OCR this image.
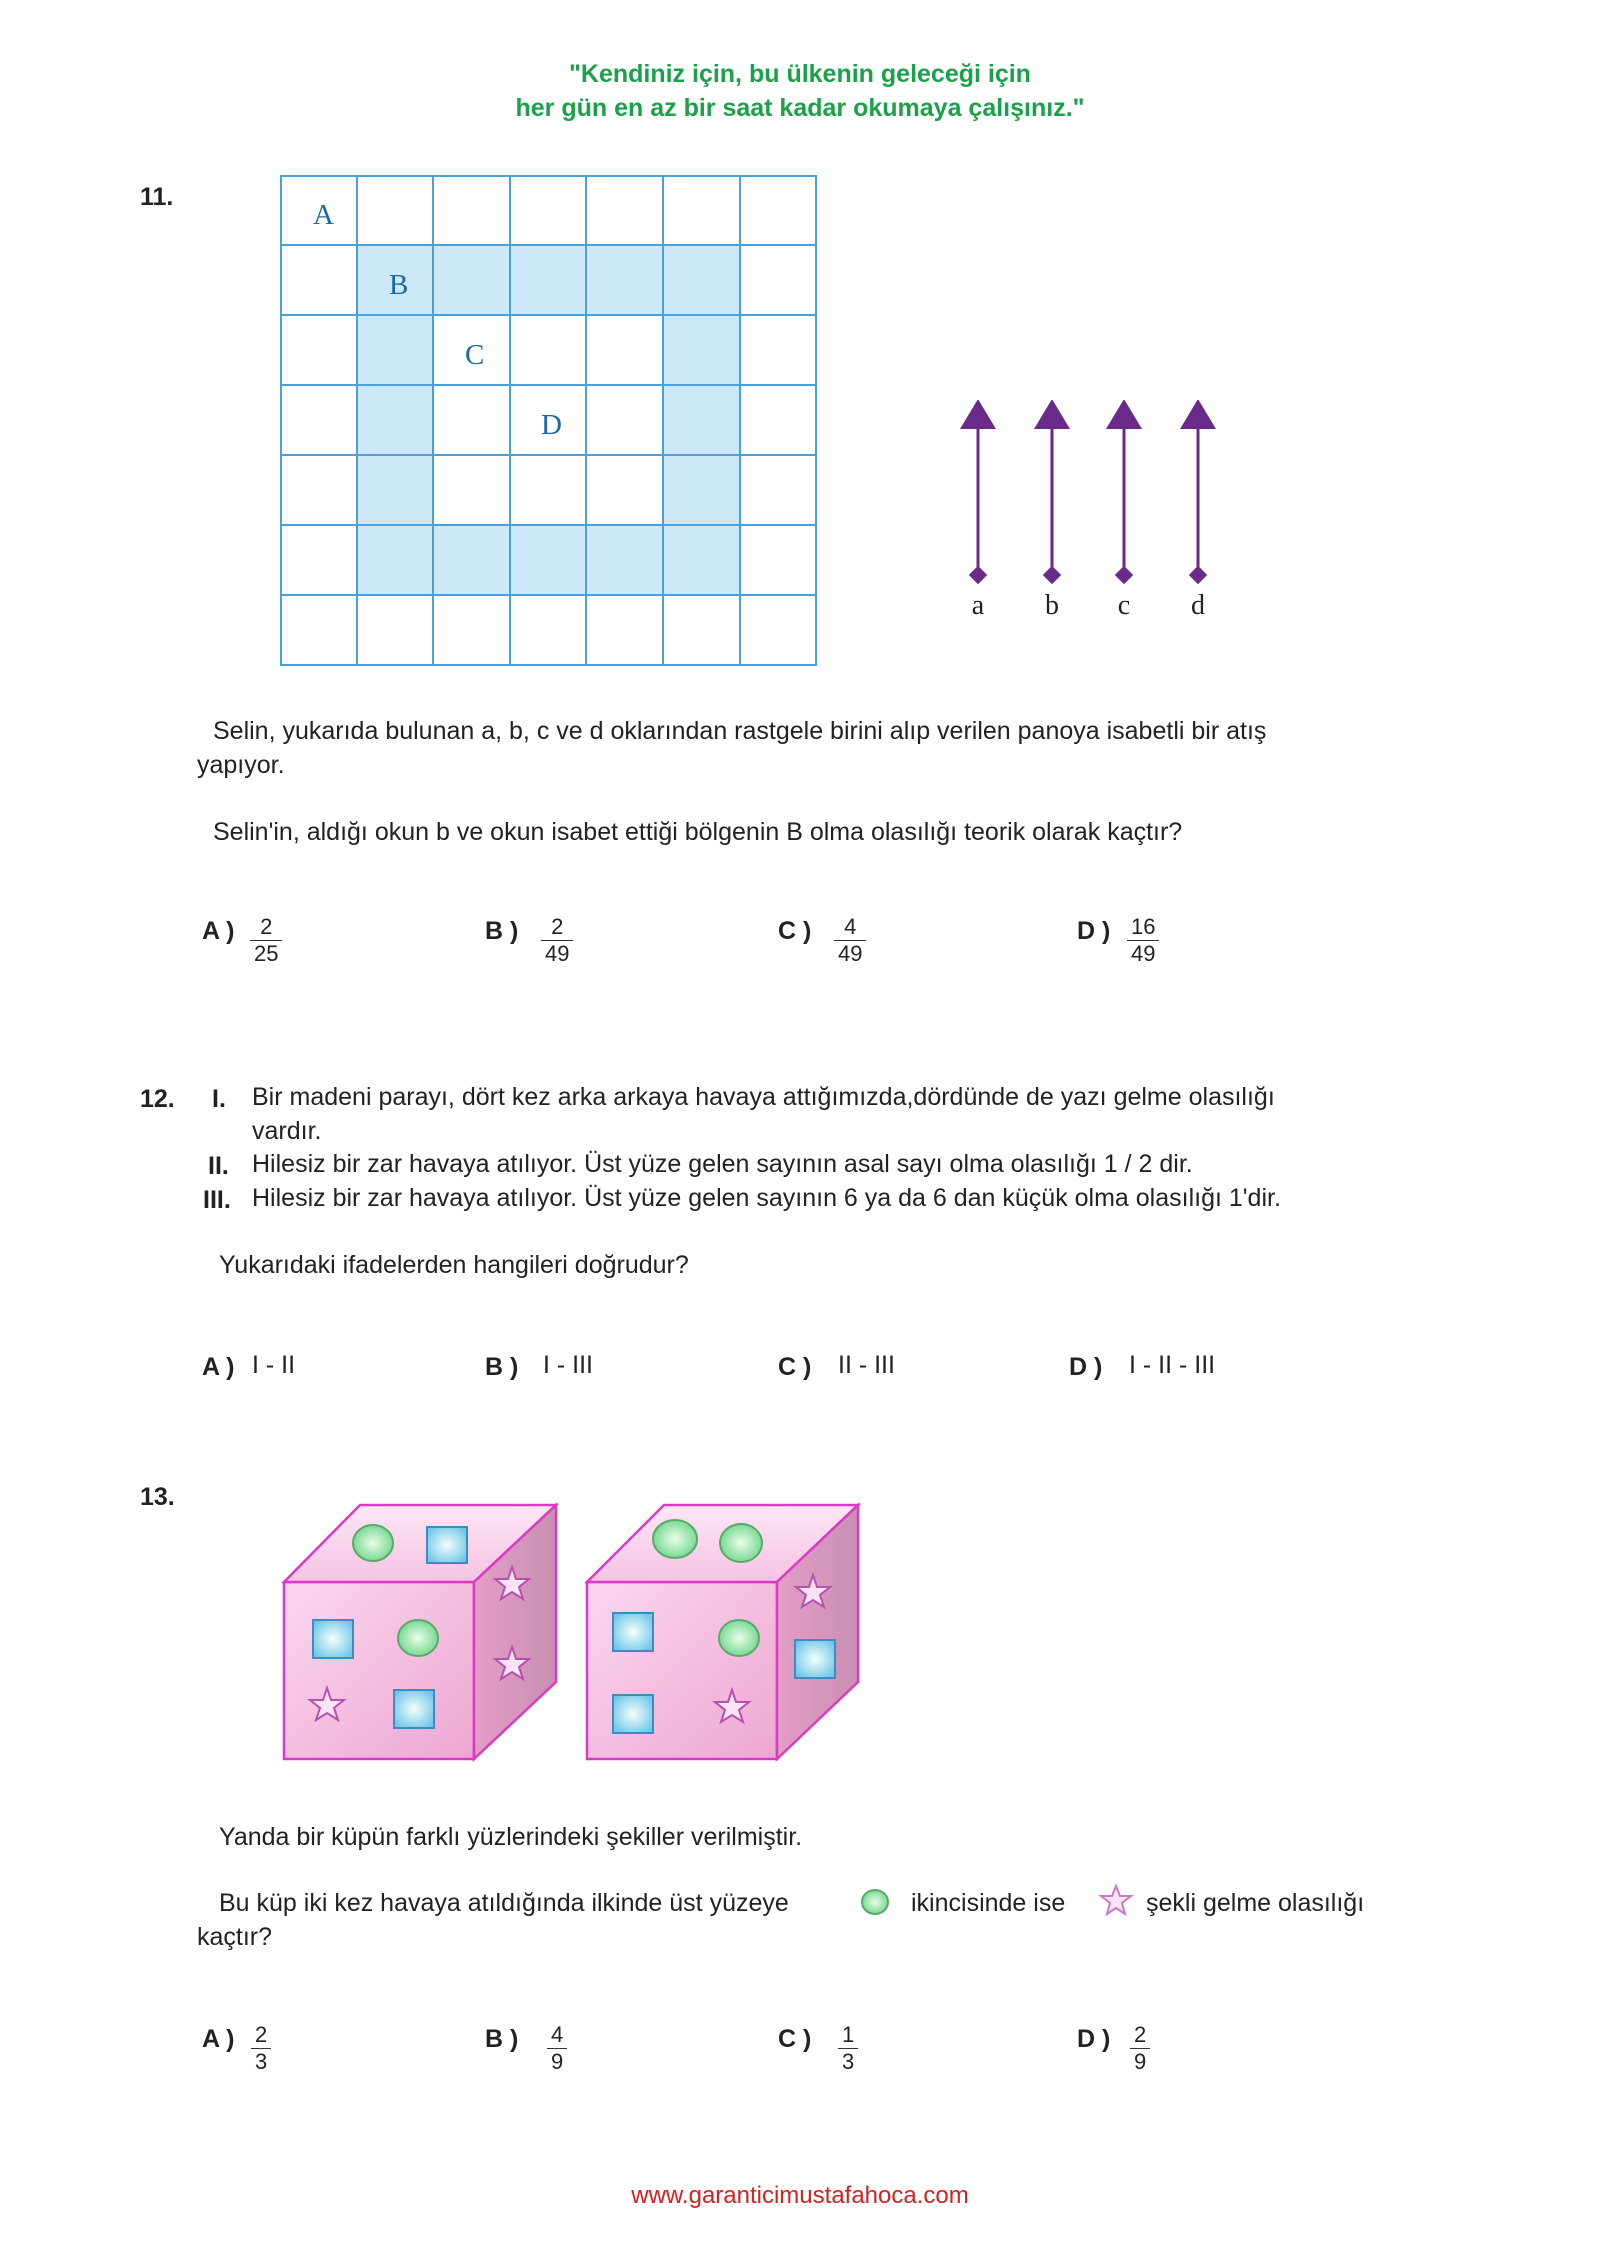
"Kendiniz için, bu ülkenin geleceği için
her gün en az bir saat kadar okumaya çalışınız."
11.
A
B
C
D
a b c d
Selin, yukarıda bulunan a, b, c ve d oklarından rastgele birini alıp verilen panoya isabetli bir atış
yapıyor.
Selin'in, aldığı okun b ve okun isabet ettiği bölgenin B olma olasılığı teorik olarak kaçtır?
A ) $\frac{2}{25}$	B ) $\frac{2}{49}$	C ) $\frac{4}{49}$	D ) $\frac{16}{49}$
12. I. Bir madeni parayı, dört kez arka arkaya havaya attığımızda,dördünde de yazı gelme olasılığı
vardır.
II. Hilesiz bir zar havaya atılıyor. Üst yüze gelen sayının asal sayı olma olasılığı 1 / 2 dir.
III. Hilesiz bir zar havaya atılıyor. Üst yüze gelen sayının 6 ya da 6 dan küçük olma olasılığı 1'dir.
Yukarıdaki ifadelerden hangileri doğrudur?
A ) I - II	B ) I - III	C ) II - III	D ) I - II - III
13.
Yanda bir küpün farklı yüzlerindeki şekiller verilmiştir.
Bu küp iki kez havaya atıldığında ilkinde üst yüzeye	ikincisinde ise	şekli gelme olasılığı
kaçtır?
A ) $\frac{2}{3}$	B ) $\frac{4}{9}$	C ) $\frac{1}{3}$	D ) $\frac{2}{9}$
www.garanticimustafahoca.com
